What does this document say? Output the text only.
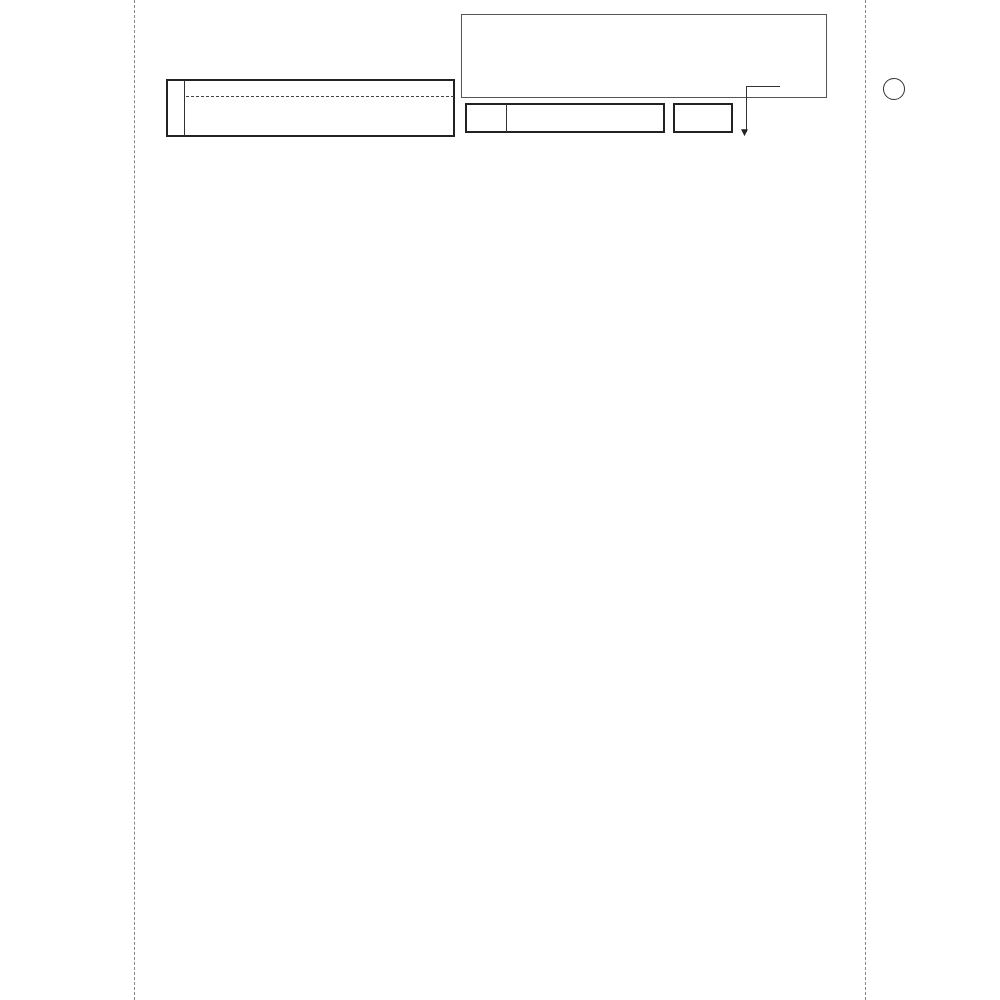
▼
